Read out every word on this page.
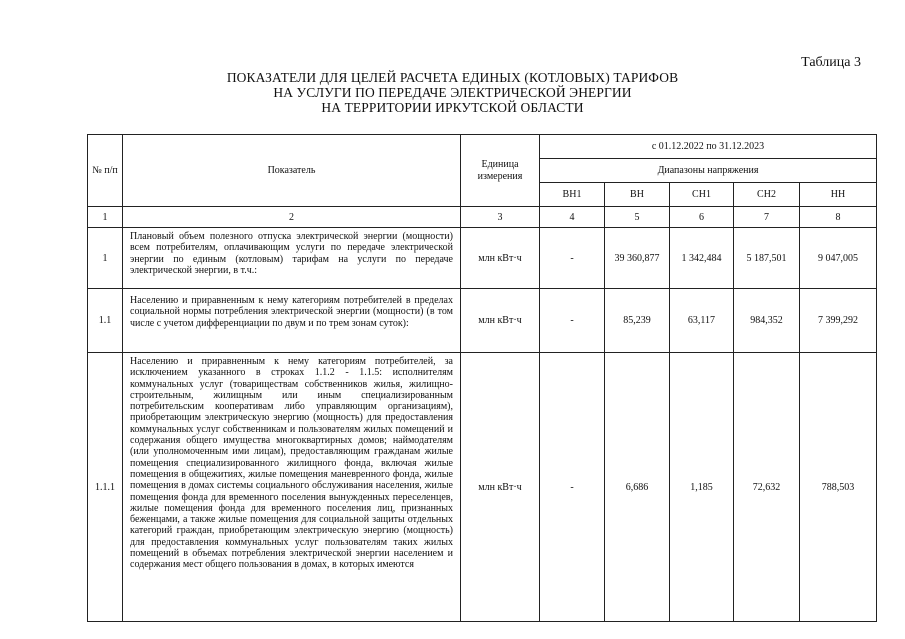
Таблица 3
ПОКАЗАТЕЛИ ДЛЯ ЦЕЛЕЙ РАСЧЕТА ЕДИНЫХ (КОТЛОВЫХ) ТАРИФОВ
НА УСЛУГИ ПО ПЕРЕДАЧЕ ЭЛЕКТРИЧЕСКОЙ ЭНЕРГИИ
НА ТЕРРИТОРИИ ИРКУТСКОЙ ОБЛАСТИ
№ п/п	Показатель	Единица измерения	с 01.12.2022 по 31.12.2023				
			Диапазоны напряжения				
			ВН1	ВН	СН1	СН2	НН
1	2	3	4	5	6	7	8
1	Плановый объем полезного отпуска электрической энергии (мощности) всем потребителям, оплачивающим услуги по передаче электрической энергии по единым (котловым) тарифам на услуги по передаче электрической энергии, в т.ч.:	млн кВт·ч	-	39 360,877	1 342,484	5 187,501	9 047,005
1.1	Населению и приравненным к нему категориям потребителей в пределах социальной нормы потребления электрической энергии (мощности) (в том числе с учетом дифференциации по двум и по трем зонам суток):	млн кВт·ч	-	85,239	63,117	984,352	7 399,292
1.1.1	Населению и приравненным к нему категориям потребителей, за исключением указанного в строках 1.1.2 - 1.1.5: исполнителям коммунальных услуг (товариществам собственников жилья, жилищно-строительным, жилищным или иным специализированным потребительским кооперативам либо управляющим организациям), приобретающим электрическую энергию (мощность) для предоставления коммунальных услуг собственникам и пользователям жилых помещений и содержания общего имущества многоквартирных домов; наймодателям (или уполномоченным ими лицам), предоставляющим гражданам жилые помещения специализированного жилищного фонда, включая жилые помещения в общежитиях, жилые помещения маневренного фонда, жилые помещения в домах системы социального обслуживания населения, жилые помещения фонда для временного поселения вынужденных переселенцев, жилые помещения фонда для временного поселения лиц, признанных беженцами, а также жилые помещения для социальной защиты отдельных категорий граждан, приобретающим электрическую энергию (мощность) для предоставления коммунальных услуг пользователям таких жилых помещений в объемах потребления электрической энергии населением и содержания мест общего пользования в домах, в которых имеются	млн кВт·ч	-	6,686	1,185	72,632	788,503
